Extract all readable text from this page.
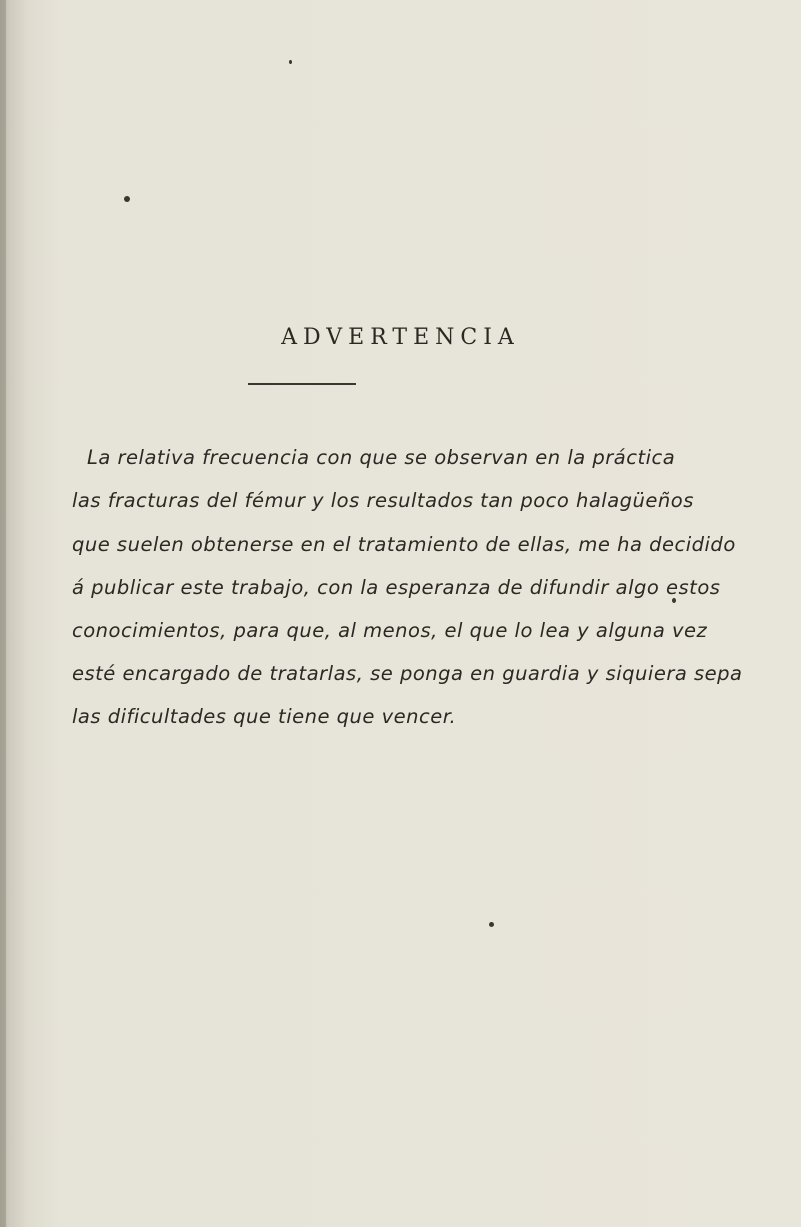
ADVERTENCIA
La relativa frecuencia con que se observan en la práctica
las fracturas del fémur y los resultados tan poco halagüeños
que suelen obtenerse en el tratamiento de ellas, me ha decidido
á publicar este trabajo, con la esperanza de difundir algo estos
conocimientos, para que, al menos, el que lo lea y alguna vez
esté encargado de tratarlas, se ponga en guardia y siquiera sepa
las dificultades que tiene que vencer.
